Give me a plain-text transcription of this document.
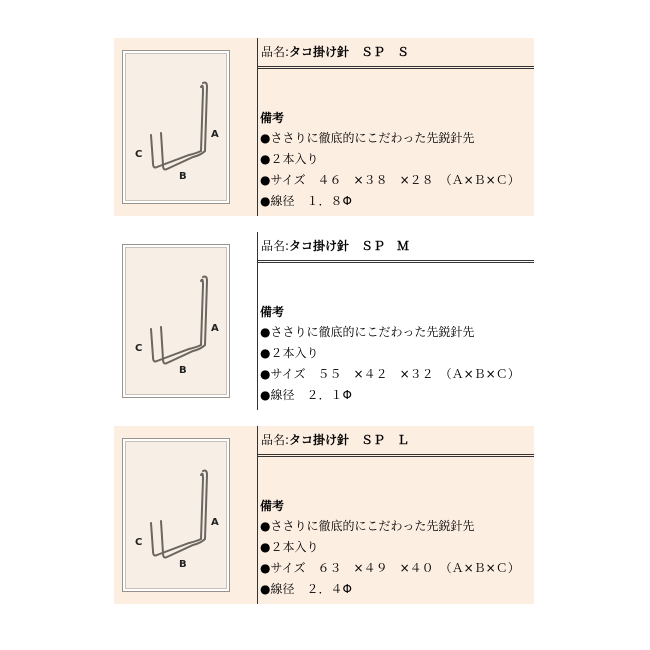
A
B
C
品名:タコ掛け針　ＳＰ　Ｓ
備考
●ささりに徹底的にこだわった先鋭針先
●２本入り
●サイズ　４６　×３８　×２８　（Ａ×Ｂ×Ｃ）
●線径　１．８Φ
A
B
C
品名:タコ掛け針　ＳＰ　Ｍ
備考
●ささりに徹底的にこだわった先鋭針先
●２本入り
●サイズ　５５　×４２　×３２　（Ａ×Ｂ×Ｃ）
●線径　２．１Φ
A
B
C
品名:タコ掛け針　ＳＰ　Ｌ
備考
●ささりに徹底的にこだわった先鋭針先
●２本入り
●サイズ　６３　×４９　×４０　（Ａ×Ｂ×Ｃ）
●線径　２．４Φ
